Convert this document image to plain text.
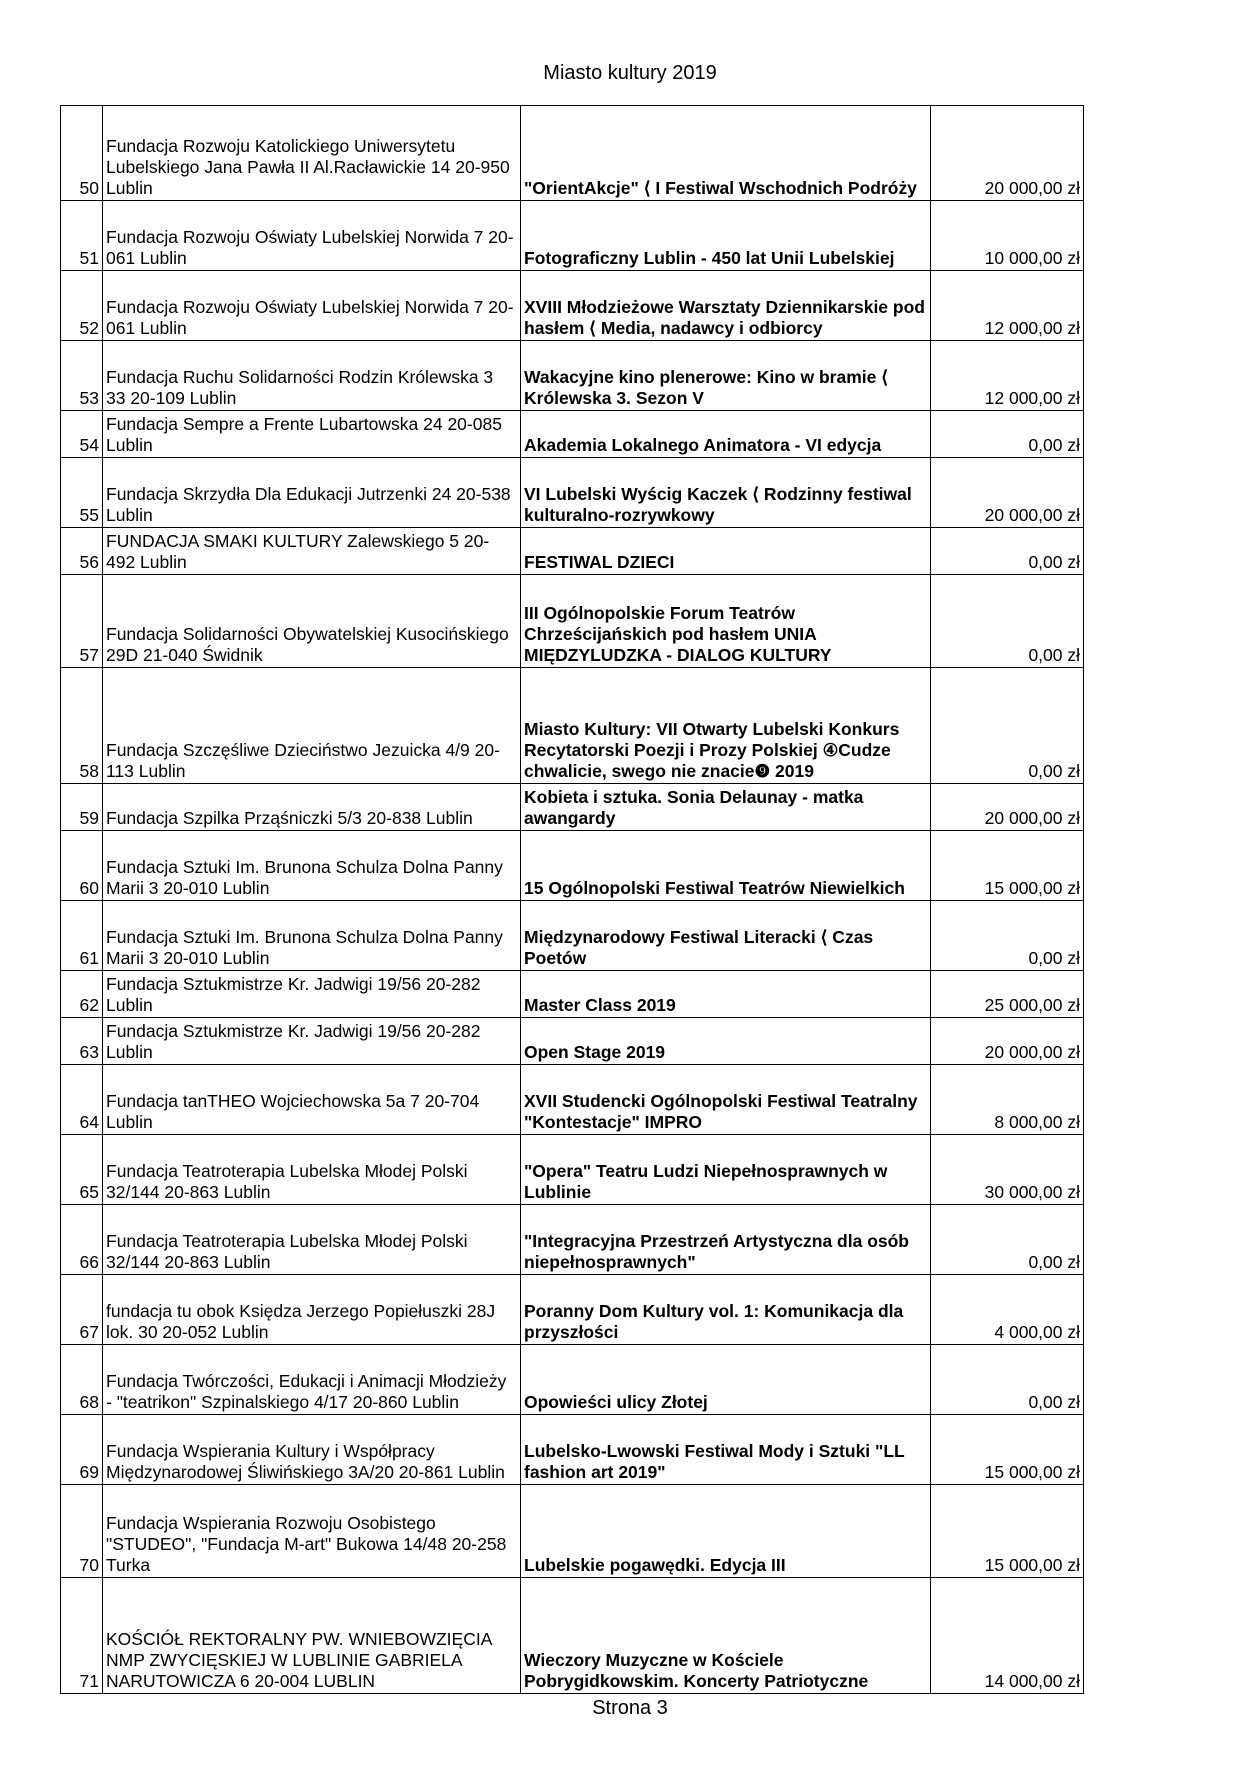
Miasto kultury 2019
50	Fundacja Rozwoju Katolickiego Uniwersytetu Lubelskiego Jana Pawła II Al.Racławickie 14 20-950 Lublin	"OrientAkcje" ⟨ I Festiwal Wschodnich Podróży	20 000,00 zł
51	Fundacja Rozwoju Oświaty Lubelskiej Norwida 7 20-061 Lublin	Fotograficzny Lublin - 450 lat Unii Lubelskiej	10 000,00 zł
52	Fundacja Rozwoju Oświaty Lubelskiej Norwida 7 20-061 Lublin	XVIII Młodzieżowe Warsztaty Dziennikarskie pod hasłem ⟨ Media, nadawcy i odbiorcy	12 000,00 zł
53	Fundacja Ruchu Solidarności Rodzin Królewska 3 33 20-109 Lublin	Wakacyjne kino plenerowe: Kino w bramie ⟨ Królewska 3. Sezon V	12 000,00 zł
54	Fundacja Sempre a Frente Lubartowska 24 20-085 Lublin	Akademia Lokalnego Animatora - VI edycja	0,00 zł
55	Fundacja Skrzydła Dla Edukacji Jutrzenki 24 20-538 Lublin	VI Lubelski Wyścig Kaczek ⟨ Rodzinny festiwal kulturalno-rozrywkowy	20 000,00 zł
56	FUNDACJA SMAKI KULTURY Zalewskiego 5 20-492 Lublin	FESTIWAL DZIECI	0,00 zł
57	Fundacja Solidarności Obywatelskiej Kusocińskiego 29D 21-040 Świdnik	III Ogólnopolskie Forum Teatrów Chrześcijańskich pod hasłem UNIA MIĘDZYLUDZKA - DIALOG KULTURY	0,00 zł
58	Fundacja Szczęśliwe Dzieciństwo Jezuicka 4/9 20-113 Lublin	Miasto Kultury: VII Otwarty Lubelski Konkurs Recytatorski Poezji i Prozy Polskiej ④Cudze chwalicie, swego nie znacie❾ 2019	0,00 zł
59	Fundacja Szpilka Prząśniczki 5/3 20-838 Lublin	Kobieta i sztuka. Sonia Delaunay - matka awangardy	20 000,00 zł
60	Fundacja Sztuki Im. Brunona Schulza Dolna Panny Marii 3 20-010 Lublin	15 Ogólnopolski Festiwal Teatrów Niewielkich	15 000,00 zł
61	Fundacja Sztuki Im. Brunona Schulza Dolna Panny Marii 3 20-010 Lublin	Międzynarodowy Festiwal Literacki ⟨ Czas Poetów	0,00 zł
62	Fundacja Sztukmistrze Kr. Jadwigi 19/56 20-282 Lublin	Master Class 2019	25 000,00 zł
63	Fundacja Sztukmistrze Kr. Jadwigi 19/56 20-282 Lublin	Open Stage 2019	20 000,00 zł
64	Fundacja tanTHEO Wojciechowska 5a 7 20-704 Lublin	XVII Studencki Ogólnopolski Festiwal Teatralny "Kontestacje" IMPRO	8 000,00 zł
65	Fundacja Teatroterapia Lubelska Młodej Polski 32/144 20-863 Lublin	"Opera" Teatru Ludzi Niepełnosprawnych w Lublinie	30 000,00 zł
66	Fundacja Teatroterapia Lubelska Młodej Polski 32/144 20-863 Lublin	"Integracyjna Przestrzeń Artystyczna dla osób niepełnosprawnych"	0,00 zł
67	fundacja tu obok Księdza Jerzego Popiełuszki 28J lok. 30 20-052 Lublin	Poranny Dom Kultury vol. 1: Komunikacja dla przyszłości	4 000,00 zł
68	Fundacja Twórczości, Edukacji i Animacji Młodzieży - "teatrikon" Szpinalskiego 4/17 20-860 Lublin	Opowieści ulicy Złotej	0,00 zł
69	Fundacja Wspierania Kultury i Współpracy Międzynarodowej Śliwińskiego 3A/20 20-861 Lublin	Lubelsko-Lwowski Festiwal Mody i Sztuki "LL fashion art 2019"	15 000,00 zł
70	Fundacja Wspierania Rozwoju Osobistego "STUDEO", "Fundacja M-art" Bukowa 14/48 20-258 Turka	Lubelskie pogawędki. Edycja III	15 000,00 zł
71	KOŚCIÓŁ REKTORALNY PW. WNIEBOWZIĘCIA NMP ZWYCIĘSKIEJ W LUBLINIE GABRIELA NARUTOWICZA 6 20-004 LUBLIN	Wieczory Muzyczne w Kościele Pobrygidkowskim. Koncerty Patriotyczne	14 000,00 zł
Strona 3
